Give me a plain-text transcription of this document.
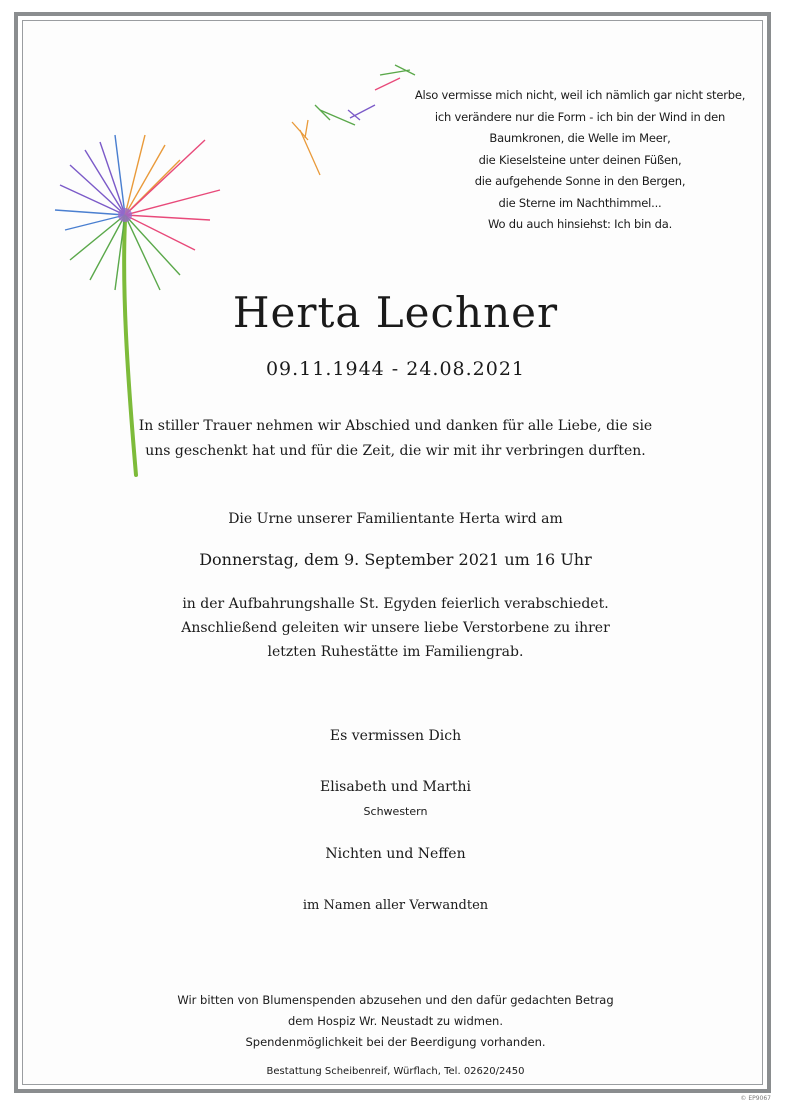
Also vermisse mich nicht, weil ich nämlich gar nicht sterbe,
ich verändere nur die Form - ich bin der Wind in den
Baumkronen, die Welle im Meer,
die Kieselsteine unter deinen Füßen,
die aufgehende Sonne in den Bergen,
die Sterne im Nachthimmel...
Wo du auch hinsiehst: Ich bin da.
Herta Lechner
09.11.1944 - 24.08.2021
In stiller Trauer nehmen wir Abschied und danken für alle Liebe, die sie
uns geschenkt hat und für die Zeit, die wir mit ihr verbringen durften.
Die Urne unserer Familientante Herta wird am
Donnerstag, dem 9. September 2021 um 16 Uhr
in der Aufbahrungshalle St. Egyden feierlich verabschiedet.
Anschließend geleiten wir unsere liebe Verstorbene zu ihrer
letzten Ruhestätte im Familiengrab.
Es vermissen Dich
Elisabeth und Marthi
Schwestern
Nichten und Neffen
im Namen aller Verwandten
Wir bitten von Blumenspenden abzusehen und den dafür gedachten Betrag
dem Hospiz Wr. Neustadt zu widmen.
Spendenmöglichkeit bei der Beerdigung vorhanden.
Bestattung Scheibenreif, Würflach, Tel. 02620/2450
© EP9067
